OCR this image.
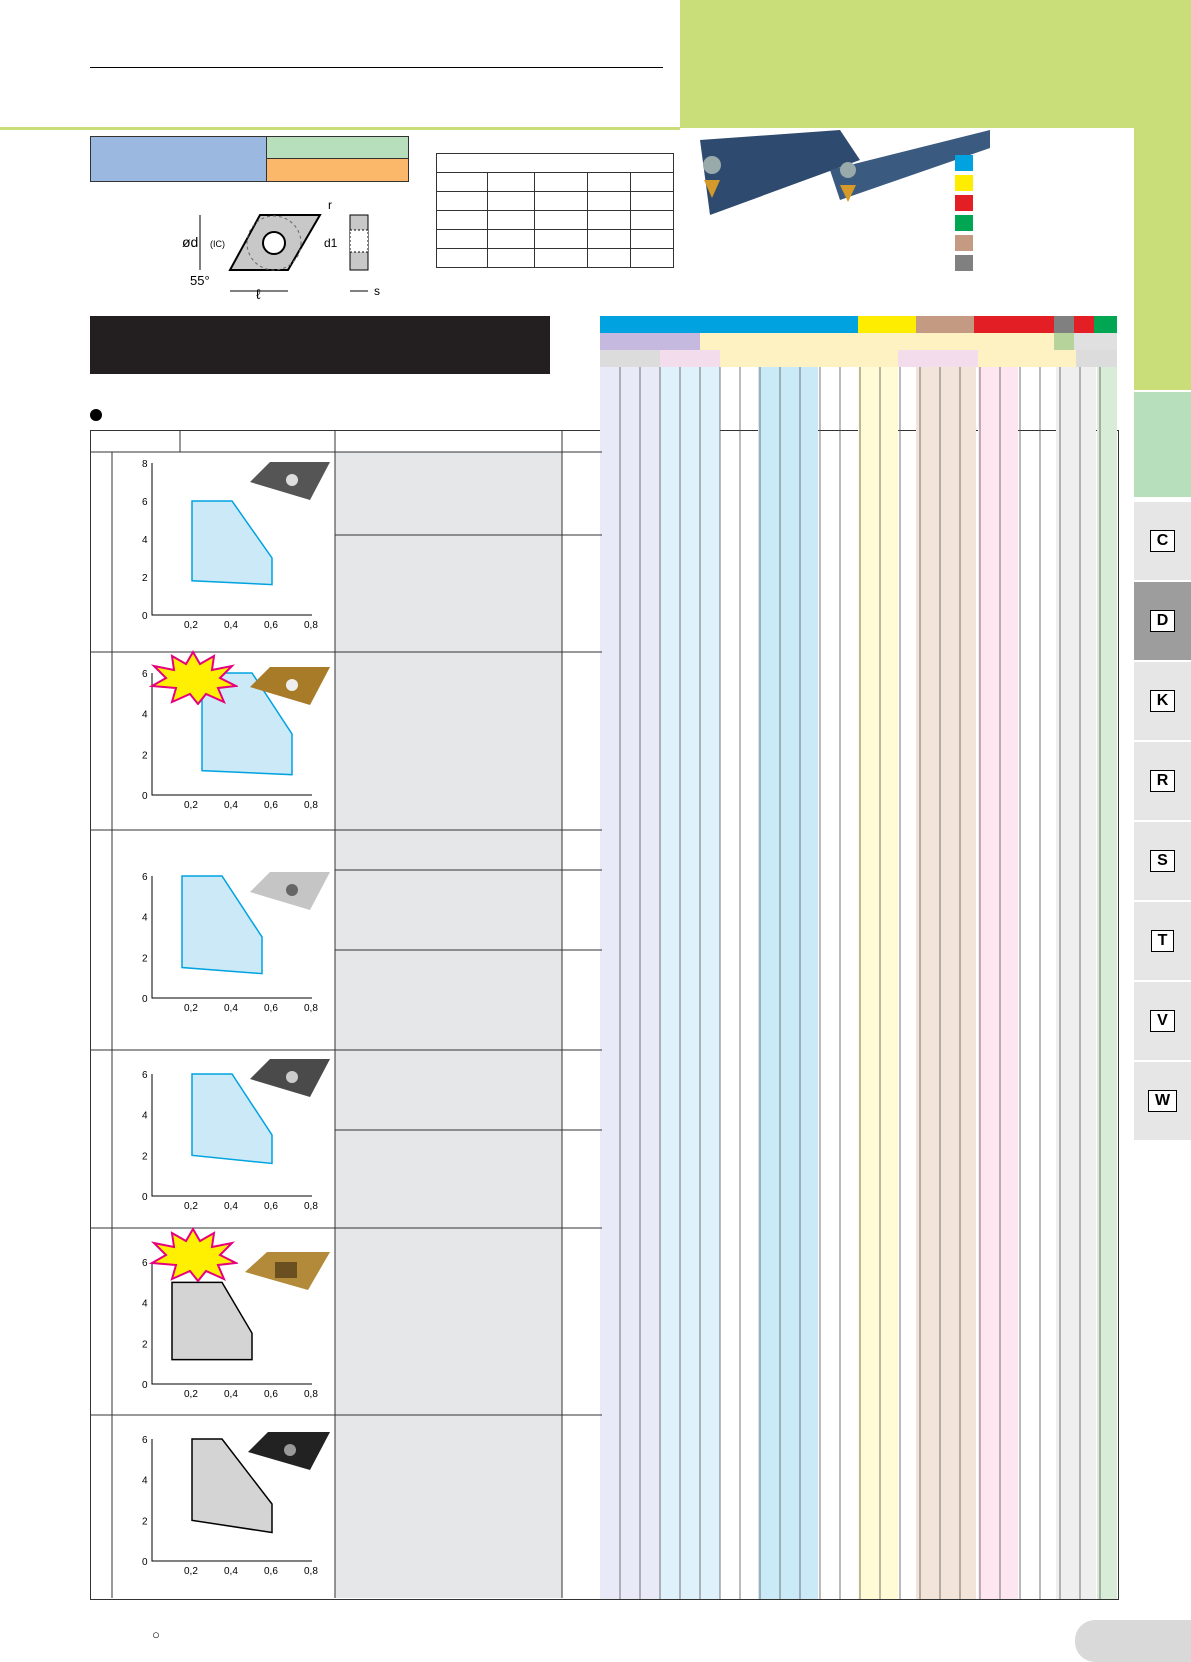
ød (IC)
r
d1
55°
ℓ	s

0
2
4
6
8
0,2	0,4	0,6	0,8
0
2
4
6
0,2	0,4	0,6	0,8
0
2
4
6
0,2	0,4	0,6	0,8
0
2
4
6
0,2	0,4	0,6	0,8
0
2
4
6
0,2	0,4	0,6	0,8
0
2
4
6
0,2	0,4	0,6	0,8
C
D
K
R
S
T
V
W
○
